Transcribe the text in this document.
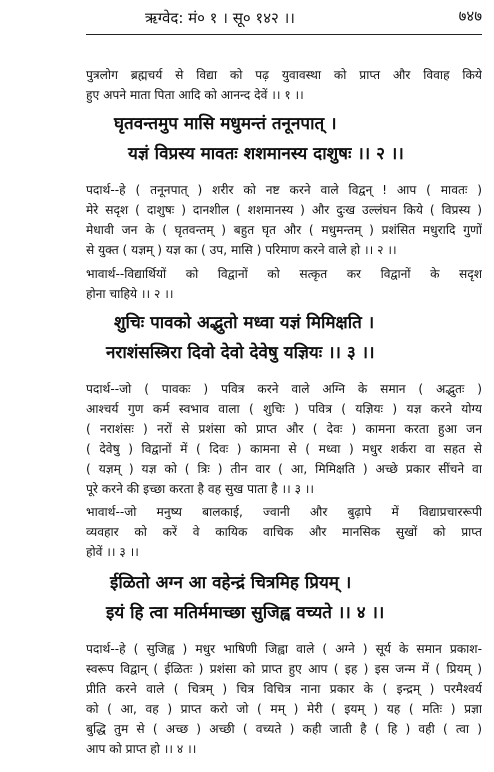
ऋग्वेद: मं० १ । सू० १४२ ।।	७४७
पुत्रलोग ब्रह्मचर्य से विद्या को पढ़ युवावस्था को प्राप्त और विवाह किये
हुए अपने माता पिता आदि को आनन्द देवें ।। १ ।।
घृतवन्तमुप मासि मधुमन्तं तनूनपात् ।
यज्ञं विप्रस्य मावतः शशमानस्य दाशुषः ।। २ ।।
पदार्थ--हे ( तनूनपात् ) शरीर को नष्ट करने वाले विद्वन् ! आप ( मावतः )
मेरे सदृश ( दाशुषः ) दानशील ( शशमानस्य ) और दुःख उल्लंघन किये ( विप्रस्य )
मेधावी जन के ( घृतवन्तम् ) बहुत घृत और ( मधुमन्तम् ) प्रशंसित मधुरादि गुणों
से युक्त ( यज्ञम् ) यज्ञ का ( उप, मासि ) परिमाण करने वाले हो ।। २ ।।
भावार्थ--विद्यार्थियों को विद्वानों को सत्कृत कर विद्वानों के सदृश
होना चाहिये ।। २ ।।
शुचिः पावको अद्भुतो मध्वा यज्ञं मिमिक्षति ।
नराशंसस्त्रिरा दिवो देवो देवेषु यज्ञियः ।। ३ ।।
पदार्थ--जो ( पावकः ) पवित्र करने वाले अग्नि के समान ( अद्भुतः )
आश्चर्य गुण कर्म स्वभाव वाला ( शुचिः ) पवित्र ( यज्ञियः ) यज्ञ करने योग्य
( नराशंसः ) नरों से प्रशंसा को प्राप्त और ( देवः ) कामना करता हुआ जन
( देवेषु ) विद्वानों में ( दिवः ) कामना से ( मध्वा ) मधुर शर्करा वा सहत से
( यज्ञम् ) यज्ञ को ( त्रिः ) तीन वार ( आ, मिमिक्षति ) अच्छे प्रकार सींचने वा
पूरे करने की इच्छा करता है वह सुख पाता है ।। ३ ।।
भावार्थ--जो मनुष्य बालकाई, ज्वानी और बुढ़ापे में विद्याप्रचाररूपी
व्यवहार को करें वे कायिक वाचिक और मानसिक सुखों को प्राप्त
होवें ।। ३ ।।
ईळितो अग्न आ वहेन्द्रं चित्रमिह प्रियम् ।
इयं हि त्वा मतिर्ममाच्छा सुजिह्व वच्यते ।। ४ ।।
पदार्थ--हे ( सुजिह्व ) मधुर भाषिणी जिह्वा वाले ( अग्ने ) सूर्य के समान प्रकाश-
स्वरूप विद्वान् ( ईळितः ) प्रशंसा को प्राप्त हुए आप ( इह ) इस जन्म में ( प्रियम् )
प्रीति करने वाले ( चित्रम् ) चित्र विचित्र नाना प्रकार के ( इन्द्रम् ) परमैश्वर्य
को ( आ, वह ) प्राप्त करो जो ( मम् ) मेरी ( इयम् ) यह ( मतिः ) प्रज्ञा
बुद्धि तुम से ( अच्छ ) अच्छी ( वच्यते ) कही जाती है ( हि ) वही ( त्वा )
आप को प्राप्त हो ।। ४ ।।
